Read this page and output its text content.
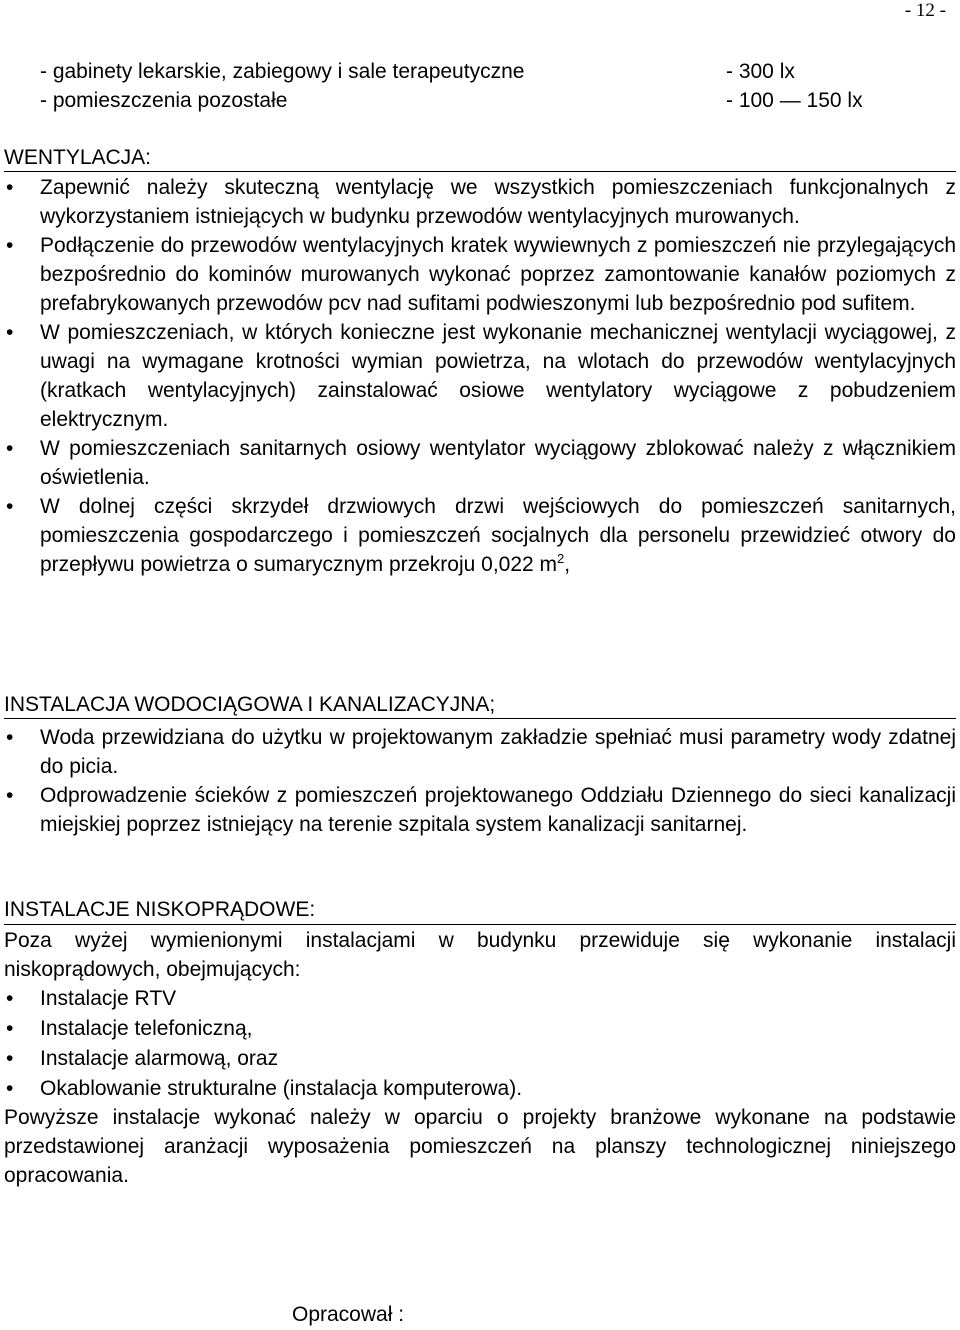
- 12 -
- gabinety lekarskie, zabiegowy i sale terapeutyczne	- 300 lx
- pomieszczenia pozostałe	- 100 — 150 lx
WENTYLACJA:
• Zapewnić należy skuteczną wentylację we wszystkich pomieszczeniach funkcjonalnych z wykorzystaniem istniejących w budynku przewodów wentylacyjnych murowanych.
• Podłączenie do przewodów wentylacyjnych kratek wywiewnych z pomieszczeń nie przylegających bezpośrednio do kominów murowanych wykonać poprzez zamontowanie kanałów poziomych z prefabrykowanych przewodów pcv nad sufitami podwieszonymi lub bezpośrednio pod sufitem.
• W pomieszczeniach, w których konieczne jest wykonanie mechanicznej wentylacji wyciągowej, z uwagi na wymagane krotności wymian powietrza, na wlotach do przewodów wentylacyjnych (kratkach wentylacyjnych) zainstalować osiowe wentylatory wyciągowe z pobudzeniem elektrycznym.
• W pomieszczeniach sanitarnych osiowy wentylator wyciągowy zblokować należy z włącznikiem oświetlenia.
• W dolnej części skrzydeł drzwiowych drzwi wejściowych do pomieszczeń sanitarnych, pomieszczenia gospodarczego i pomieszczeń socjalnych dla personelu przewidzieć otwory do przepływu powietrza o sumarycznym przekroju 0,022 $m^2$,
INSTALACJA WODOCIĄGOWA I KANALIZACYJNA;
• Woda przewidziana do użytku w projektowanym zakładzie spełniać musi parametry wody zdatnej do picia.
• Odprowadzenie ścieków z pomieszczeń projektowanego Oddziału Dziennego do sieci kanalizacji miejskiej poprzez istniejący na terenie szpitala system kanalizacji sanitarnej.
INSTALACJE NISKOPRĄDOWE:
Poza wyżej wymienionymi instalacjami w budynku przewiduje się wykonanie instalacji niskoprądowych, obejmujących:
• Instalacje RTV
• Instalacje telefoniczną,
• Instalacje alarmową, oraz
• Okablowanie strukturalne (instalacja komputerowa).
Powyższe instalacje wykonać należy w oparciu o projekty branżowe wykonane na podstawie przedstawionej aranżacji wyposażenia pomieszczeń na planszy technologicznej niniejszego opracowania.
Opracował :
